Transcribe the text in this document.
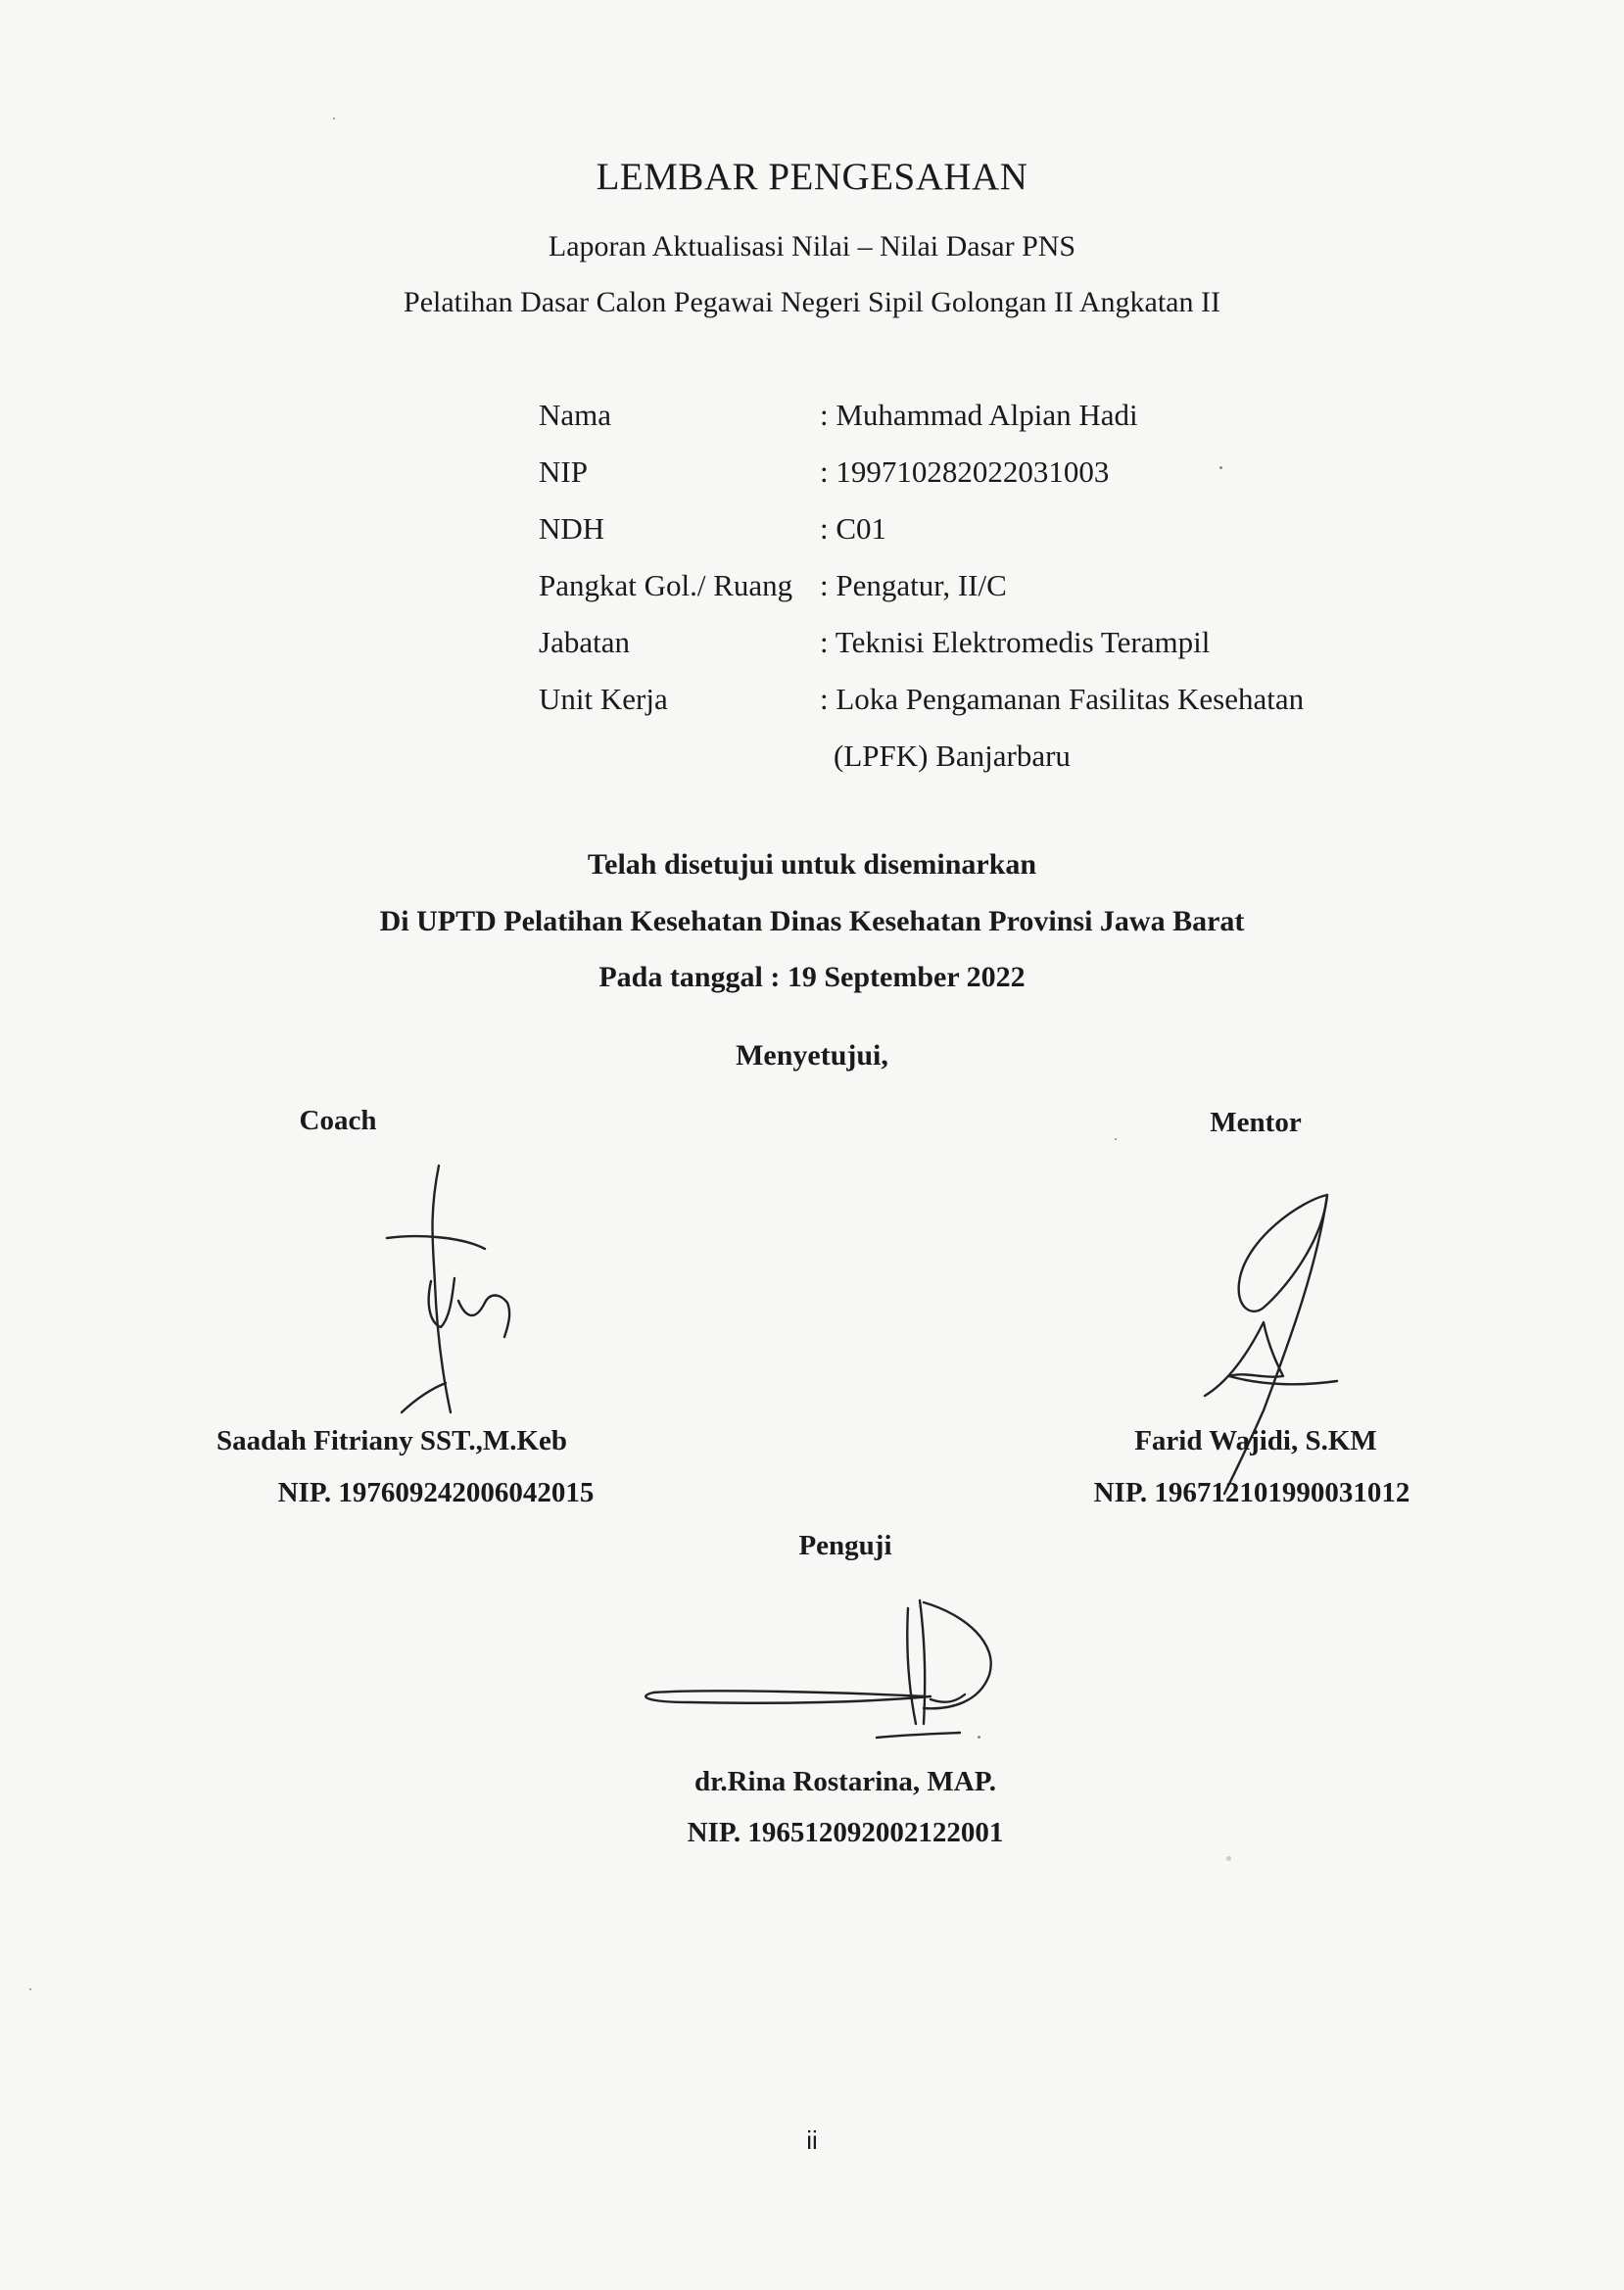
LEMBAR PENGESAHAN
Laporan Aktualisasi Nilai – Nilai Dasar PNS
Pelatihan Dasar Calon Pegawai Negeri Sipil Golongan II Angkatan II
Nama	: Muhammad Alpian Hadi
NIP	: 199710282022031003
NDH	: C01
Pangkat Gol./ Ruang : Pengatur, II/C
Jabatan	: Teknisi Elektromedis Terampil
Unit Kerja	: Loka Pengamanan Fasilitas Kesehatan
(LPFK) Banjarbaru
Telah disetujui untuk diseminarkan
Di UPTD Pelatihan Kesehatan Dinas Kesehatan Provinsi Jawa Barat
Pada tanggal : 19 September 2022
Menyetujui,
Coach
Saadah Fitriany SST.,M.Keb
NIP. 197609242006042015
Mentor
Farid Wajidi, S.KM
NIP. 196712101990031012
Penguji
dr.Rina Rostarina, MAP.
NIP. 196512092002122001
ii
